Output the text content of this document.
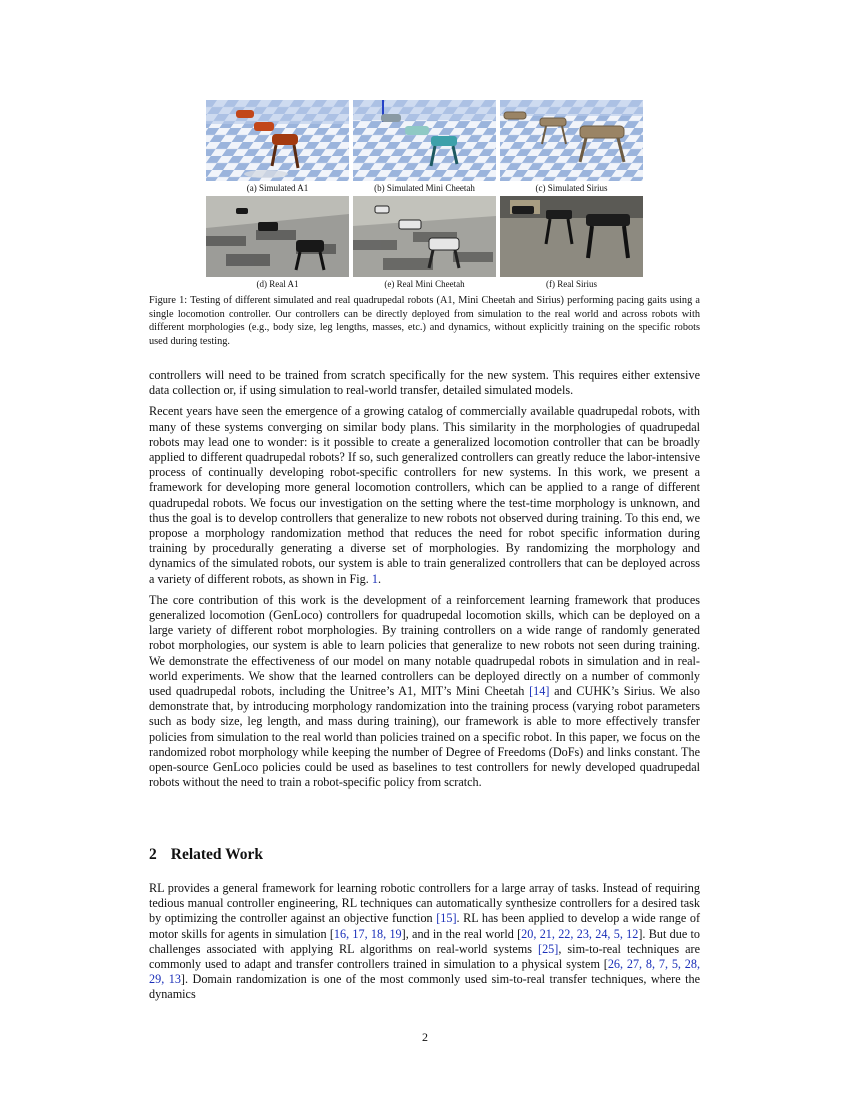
(a) Simulated A1	(b) Simulated Mini Cheetah	(c) Simulated Sirius
(d) Real A1	(e) Real Mini Cheetah	(f) Real Sirius
Figure 1: Testing of different simulated and real quadrupedal robots (A1, Mini Cheetah and Sirius) performing pacing gaits using a single locomotion controller. Our controllers can be directly deployed from simulation to the real world and across robots with different morphologies (e.g., body size, leg lengths, masses, etc.) and dynamics, without explicitly training on the specific robots used during testing.

controllers will need to be trained from scratch specifically for the new system. This requires either extensive data collection or, if using simulation to real-world transfer, detailed simulated models.

Recent years have seen the emergence of a growing catalog of commercially available quadrupedal robots, with many of these systems converging on similar body plans. This similarity in the morphologies of quadrupedal robots may lead one to wonder: is it possible to create a generalized locomotion controller that can be broadly applied to different quadrupedal robots? If so, such generalized controllers can greatly reduce the labor-intensive process of continually developing robot-specific controllers for new systems. In this work, we present a framework for developing more general locomotion controllers, which can be applied to a range of different quadrupedal robots. We focus our investigation on the setting where the test-time morphology is unknown, and thus the goal is to develop controllers that generalize to new robots not observed during training. To this end, we propose a morphology randomization method that reduces the need for robot specific information during training by procedurally generating a diverse set of morphologies. By randomizing the morphology and dynamics of the simulated robots, our system is able to train generalized controllers that can be deployed across a variety of different robots, as shown in Fig. 1.

The core contribution of this work is the development of a reinforcement learning framework that produces generalized locomotion (GenLoco) controllers for quadrupedal locomotion skills, which can be deployed on a large variety of different robot morphologies. By training controllers on a wide range of randomly generated robot morphologies, our system is able to learn policies that generalize to new robots not seen during training. We demonstrate the effectiveness of our model on many notable quadrupedal robots in simulation and in real-world experiments. We show that the learned controllers can be deployed directly on a number of commonly used quadrupedal robots, including the Unitree’s A1, MIT’s Mini Cheetah [14] and CUHK’s Sirius. We also demonstrate that, by introducing morphology randomization into the training process (varying robot parameters such as body size, leg length, and mass during training), our framework is able to more effectively transfer policies from simulation to the real world than policies trained on a specific robot. In this paper, we focus on the randomized robot morphology while keeping the number of Degree of Freedoms (DoFs) and links constant. The open-source GenLoco policies could be used as baselines to test controllers for newly developed quadrupedal robots without the need to train a robot-specific policy from scratch.

2 Related Work

RL provides a general framework for learning robotic controllers for a large array of tasks. Instead of requiring tedious manual controller engineering, RL techniques can automatically synthesize controllers for a desired task by optimizing the controller against an objective function [15]. RL has been applied to develop a wide range of motor skills for agents in simulation [16, 17, 18, 19], and in the real world [20, 21, 22, 23, 24, 5, 12]. But due to challenges associated with applying RL algorithms on real-world systems [25], sim-to-real techniques are commonly used to adapt and transfer controllers trained in simulation to a physical system [26, 27, 8, 7, 5, 28, 29, 13]. Domain randomization is one of the most commonly used sim-to-real transfer techniques, where the dynamics

2
